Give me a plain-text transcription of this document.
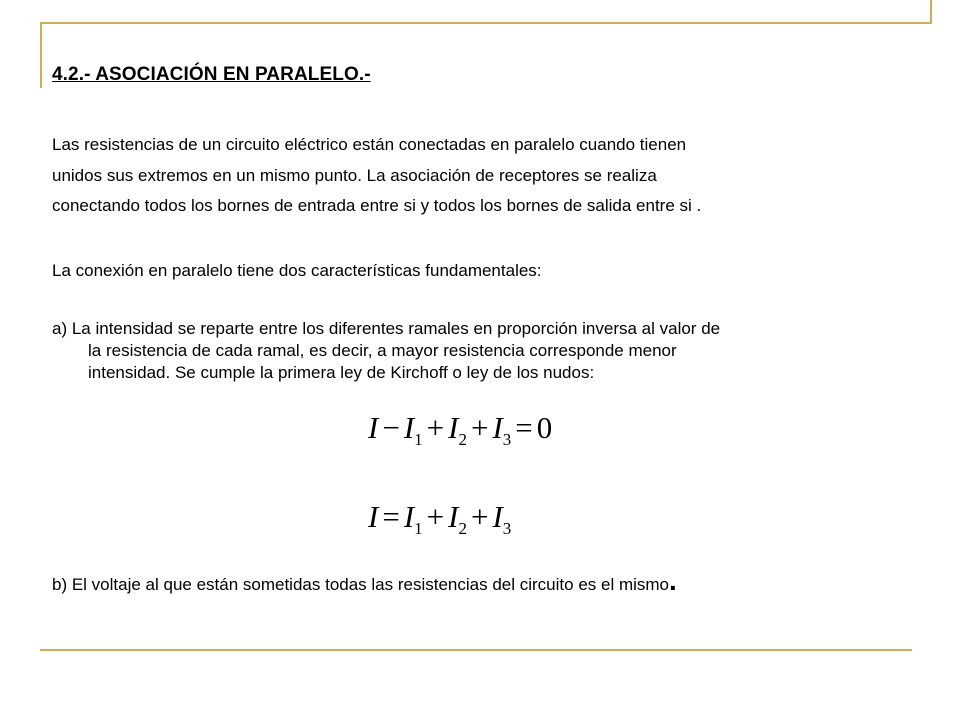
4.2.- ASOCIACIÓN EN PARALELO.-

Las resistencias de un circuito eléctrico están conectadas en paralelo cuando tienen
unidos sus extremos en un mismo punto. La asociación de receptores se realiza
conectando todos los bornes de entrada entre si y todos los bornes de salida entre si .

La conexión en paralelo tiene dos características fundamentales:

a) La intensidad se reparte entre los diferentes ramales en proporción inversa al valor de
la resistencia de cada ramal, es decir, a mayor resistencia corresponde menor
intensidad. Se cumple la primera ley de Kirchoff o ley de los nudos:
$I - I_1 + I_2 + I_3 = 0$
$I = I_1 + I_2 + I_3$
b) El voltaje al que están sometidas todas las resistencias del circuito es el mismo.
